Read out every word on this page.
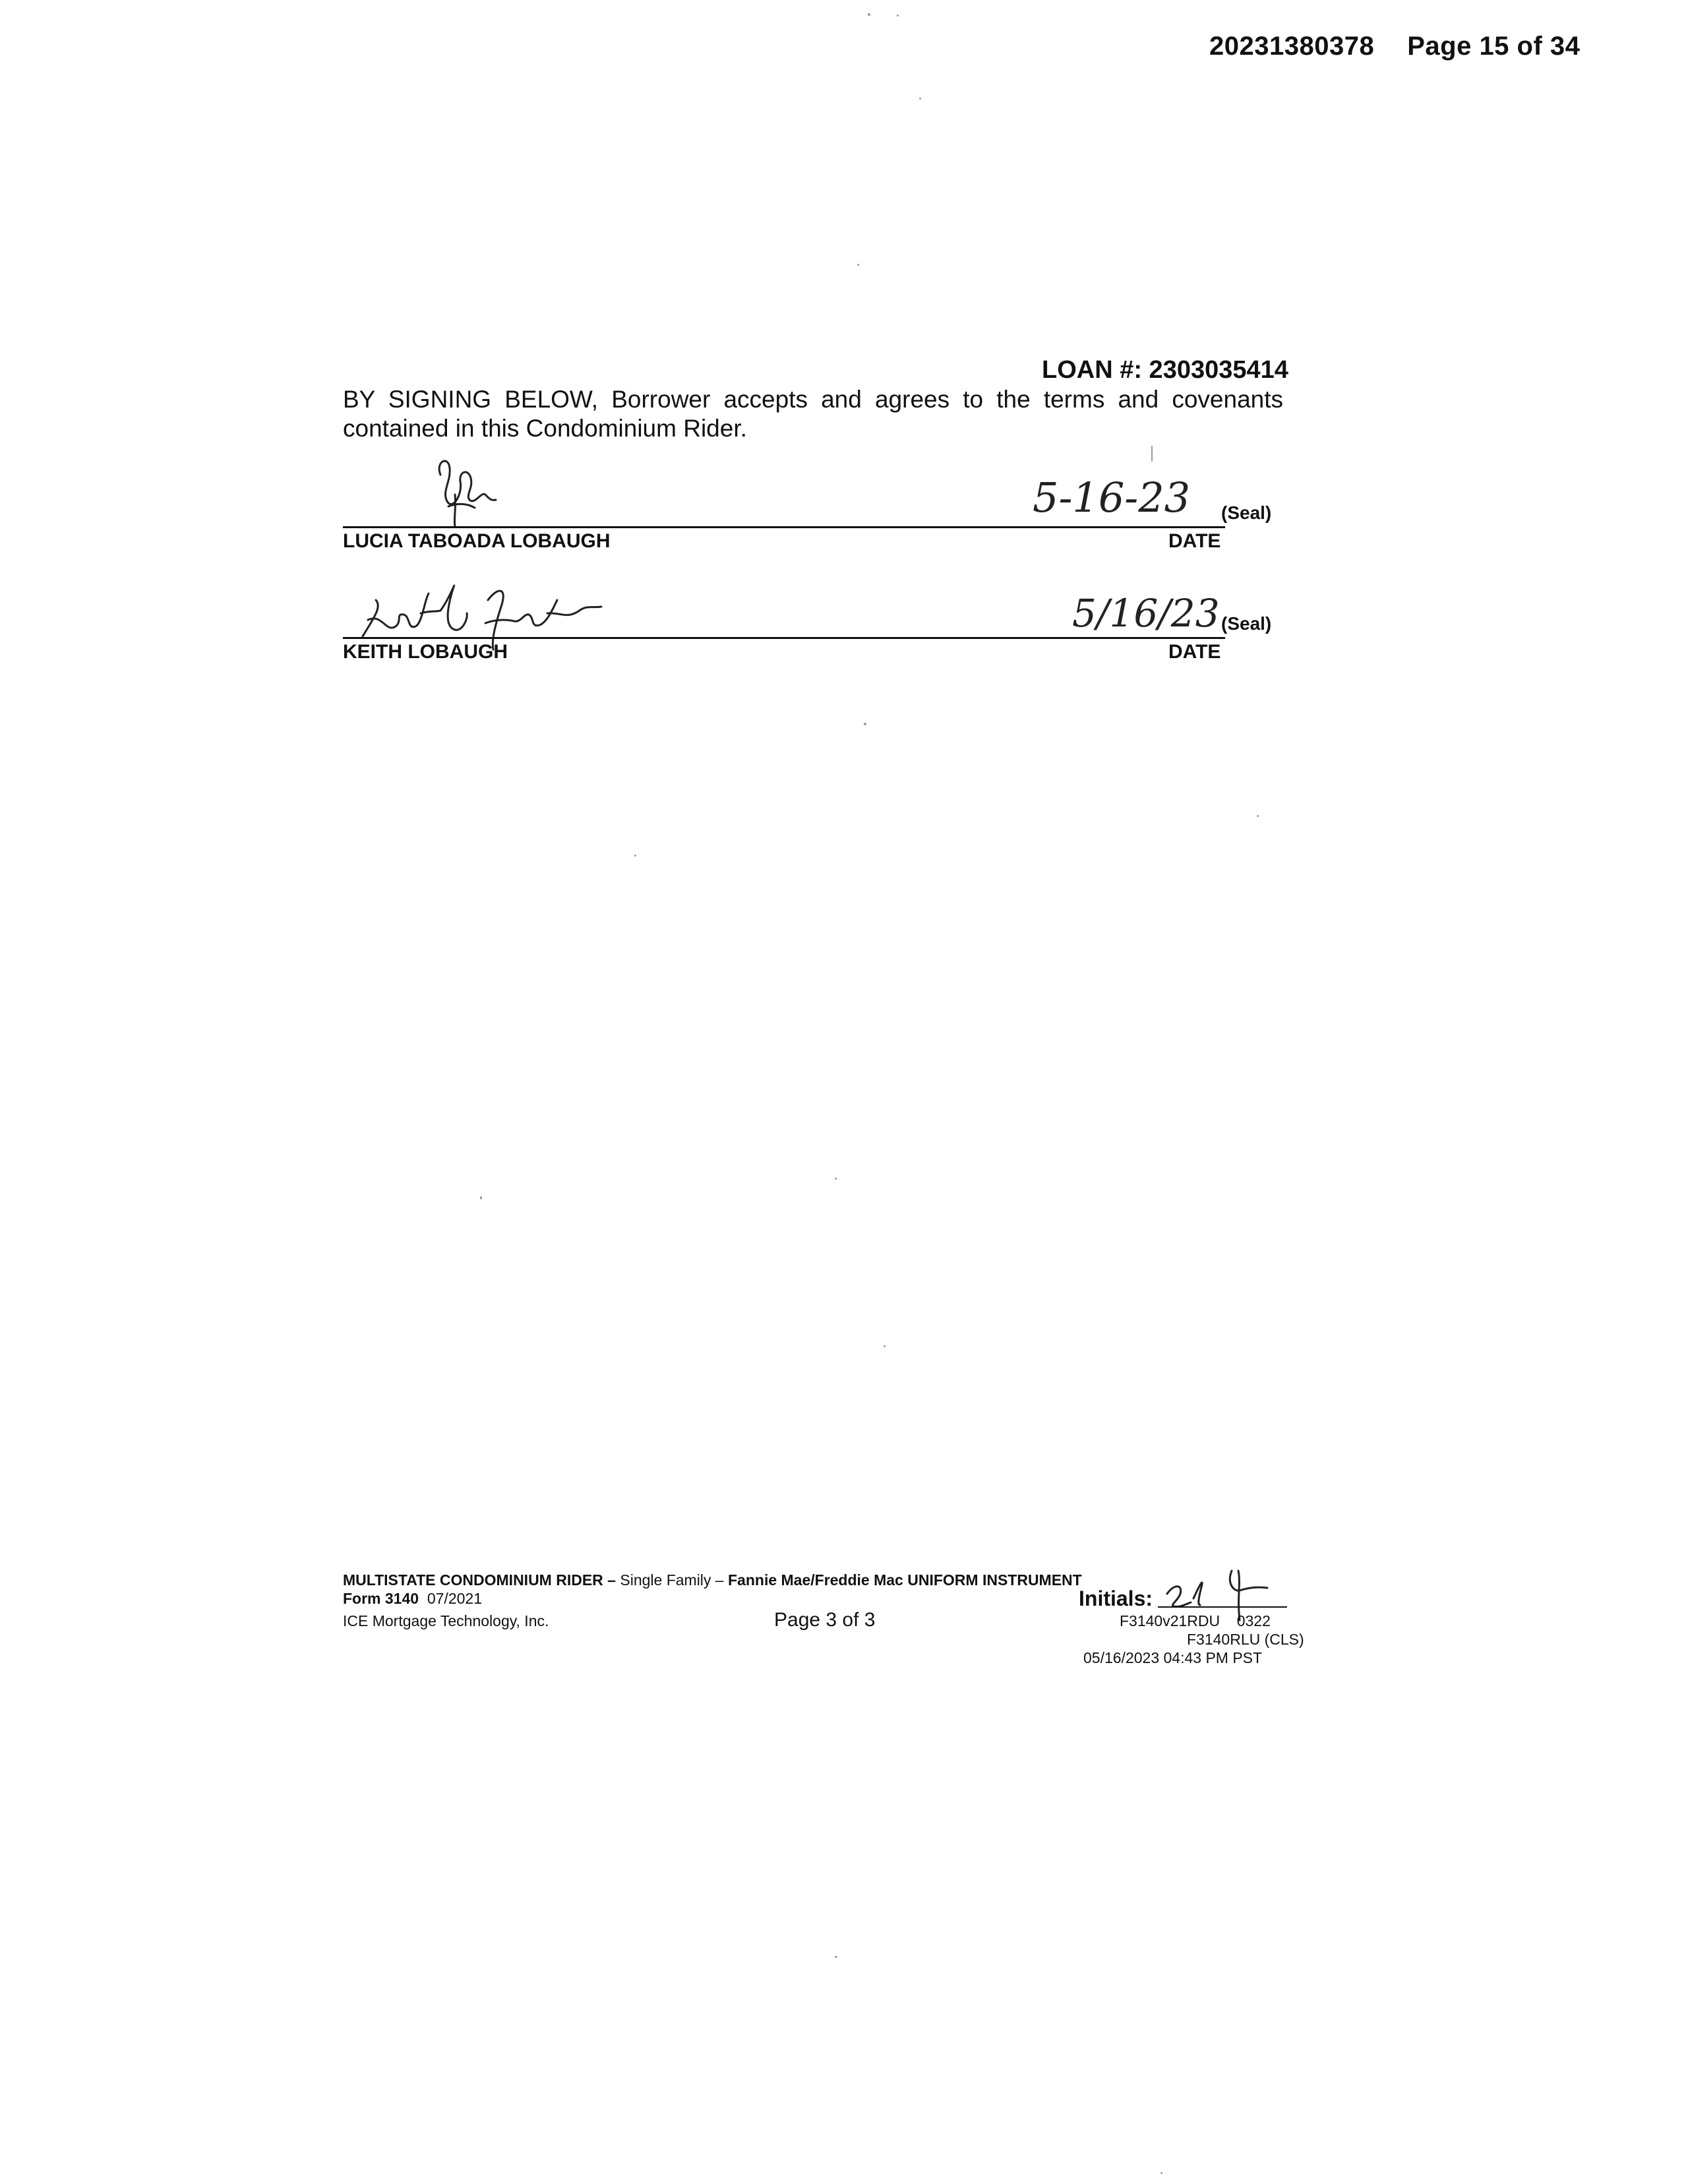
20231380378 Page 15 of 34
LOAN #: 2303035414
BY SIGNING BELOW, Borrower accepts and agrees to the terms and covenants contained in this Condominium Rider.
5-16-23 (Seal)
LUCIA TABOADA LOBAUGH	DATE
5/16/23 (Seal)
KEITH LOBAUGH	DATE
MULTISTATE CONDOMINIUM RIDER – Single Family – Fannie Mae/Freddie Mac UNIFORM INSTRUMENT
Form 3140 07/2021
ICE Mortgage Technology, Inc.	Page 3 of 3
Initials:
F3140v21RDU 0322
F3140RLU (CLS)
05/16/2023 04:43 PM PST
